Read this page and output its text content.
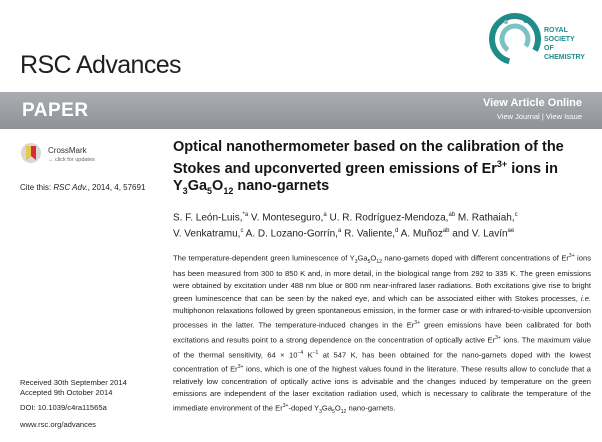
RSC Advances
ROYAL SOCIETY
OF CHEMISTRY
PAPER	View Article Online
View Journal | View Issue
CrossMark
← click for updates
Cite this: RSC Adv., 2014, 4, 57691
Optical nanothermometer based on the calibration of the Stokes and upconverted green emissions of $Er^{3+}$ ions in $Y_3Ga_5O_{12}$ nano-garnets
S. F. León-Luis,$^{*a}$ V. Monteseguro,$^a$ U. R. Rodríguez-Mendoza,$^{ab}$ M. Rathaiah,$^c$
V. Venkatramu,$^c$ A. D. Lozano-Gorrín,$^a$ R. Valiente,$^d$ A. Muñoz$^{ab}$ and V. Lavín$^{ae}$
The temperature-dependent green luminescence of $Y_3Ga_5O_{12}$ nano-garnets doped with different concentrations of $Er^{3+}$ ions has been measured from 300 to 850 K and, in more detail, in the biological range from 292 to 335 K. The green emissions were obtained by excitation under 488 nm blue or 800 nm near-infrared laser radiations. Both excitations give rise to bright green luminescence that can be seen by the naked eye, and which can be associated either with Stokes processes, i.e. multiphonon relaxations followed by green spontaneous emission, in the former case or with infrared-to-visible upconversion processes in the latter. The temperature-induced changes in the $Er^{3+}$ green emissions have been calibrated for both excitations and results point to a strong dependence on the concentration of optically active $Er^{3+}$ ions. The maximum value of the thermal sensitivity, $64 \times 10^{-4}$ $K^{-1}$ at 547 K, has been obtained for the nano-garnets doped with the lowest concentration of $Er^{3+}$ ions, which is one of the highest values found in the literature. These results allow to conclude that a relatively low concentration of optically active ions is advisable and the changes induced by temperature on the green emissions are independent of the laser excitation radiation used, which is necessary to calibrate the temperature of the immediate environment of the $Er^{3+}$-doped $Y_3Ga_5O_{12}$ nano-garnets.
Received 30th September 2014
Accepted 9th October 2014
DOI: 10.1039/c4ra11565a
www.rsc.org/advances
